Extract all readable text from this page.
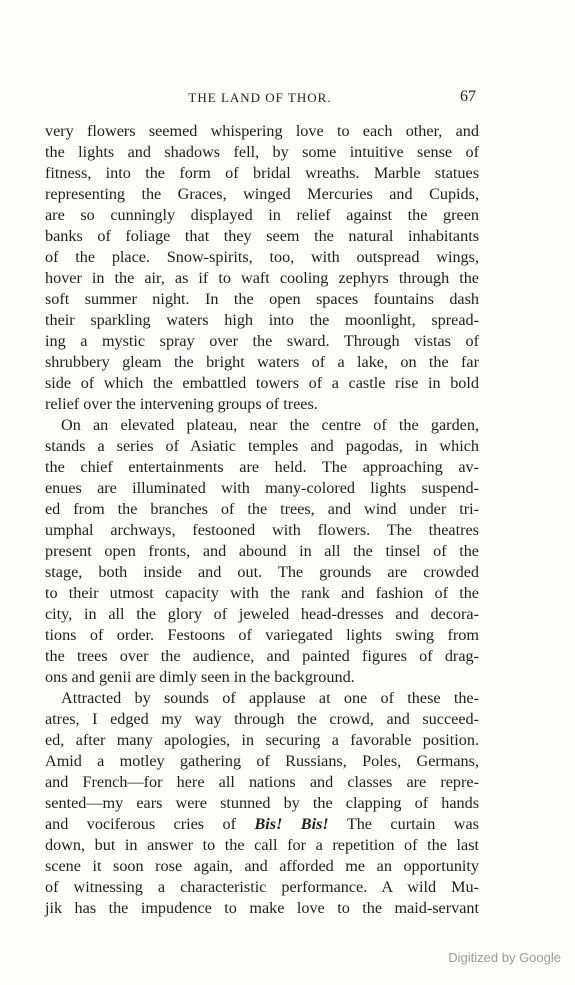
THE LAND OF THOR.	67
very flowers seemed whispering love to each other, and
the lights and shadows fell, by some intuitive sense of
fitness, into the form of bridal wreaths. Marble statues
representing the Graces, winged Mercuries and Cupids,
are so cunningly displayed in relief against the green
banks of foliage that they seem the natural inhabitants
of the place. Snow-spirits, too, with outspread wings,
hover in the air, as if to waft cooling zephyrs through the
soft summer night. In the open spaces fountains dash
their sparkling waters high into the moonlight, spread-
ing a mystic spray over the sward. Through vistas of
shrubbery gleam the bright waters of a lake, on the far
side of which the embattled towers of a castle rise in bold
relief over the intervening groups of trees.
On an elevated plateau, near the centre of the garden,
stands a series of Asiatic temples and pagodas, in which
the chief entertainments are held. The approaching av-
enues are illuminated with many-colored lights suspend-
ed from the branches of the trees, and wind under tri-
umphal archways, festooned with flowers. The theatres
present open fronts, and abound in all the tinsel of the
stage, both inside and out. The grounds are crowded
to their utmost capacity with the rank and fashion of the
city, in all the glory of jeweled head-dresses and decora-
tions of order. Festoons of variegated lights swing from
the trees over the audience, and painted figures of drag-
ons and genii are dimly seen in the background.
Attracted by sounds of applause at one of these the-
atres, I edged my way through the crowd, and succeed-
ed, after many apologies, in securing a favorable position.
Amid a motley gathering of Russians, Poles, Germans,
and French—for here all nations and classes are repre-
sented—my ears were stunned by the clapping of hands
and vociferous cries of Bis! Bis! The curtain was
down, but in answer to the call for a repetition of the last
scene it soon rose again, and afforded me an opportunity
of witnessing a characteristic performance. A wild Mu-
jik has the impudence to make love to the maid-servant
Digitized by Google
